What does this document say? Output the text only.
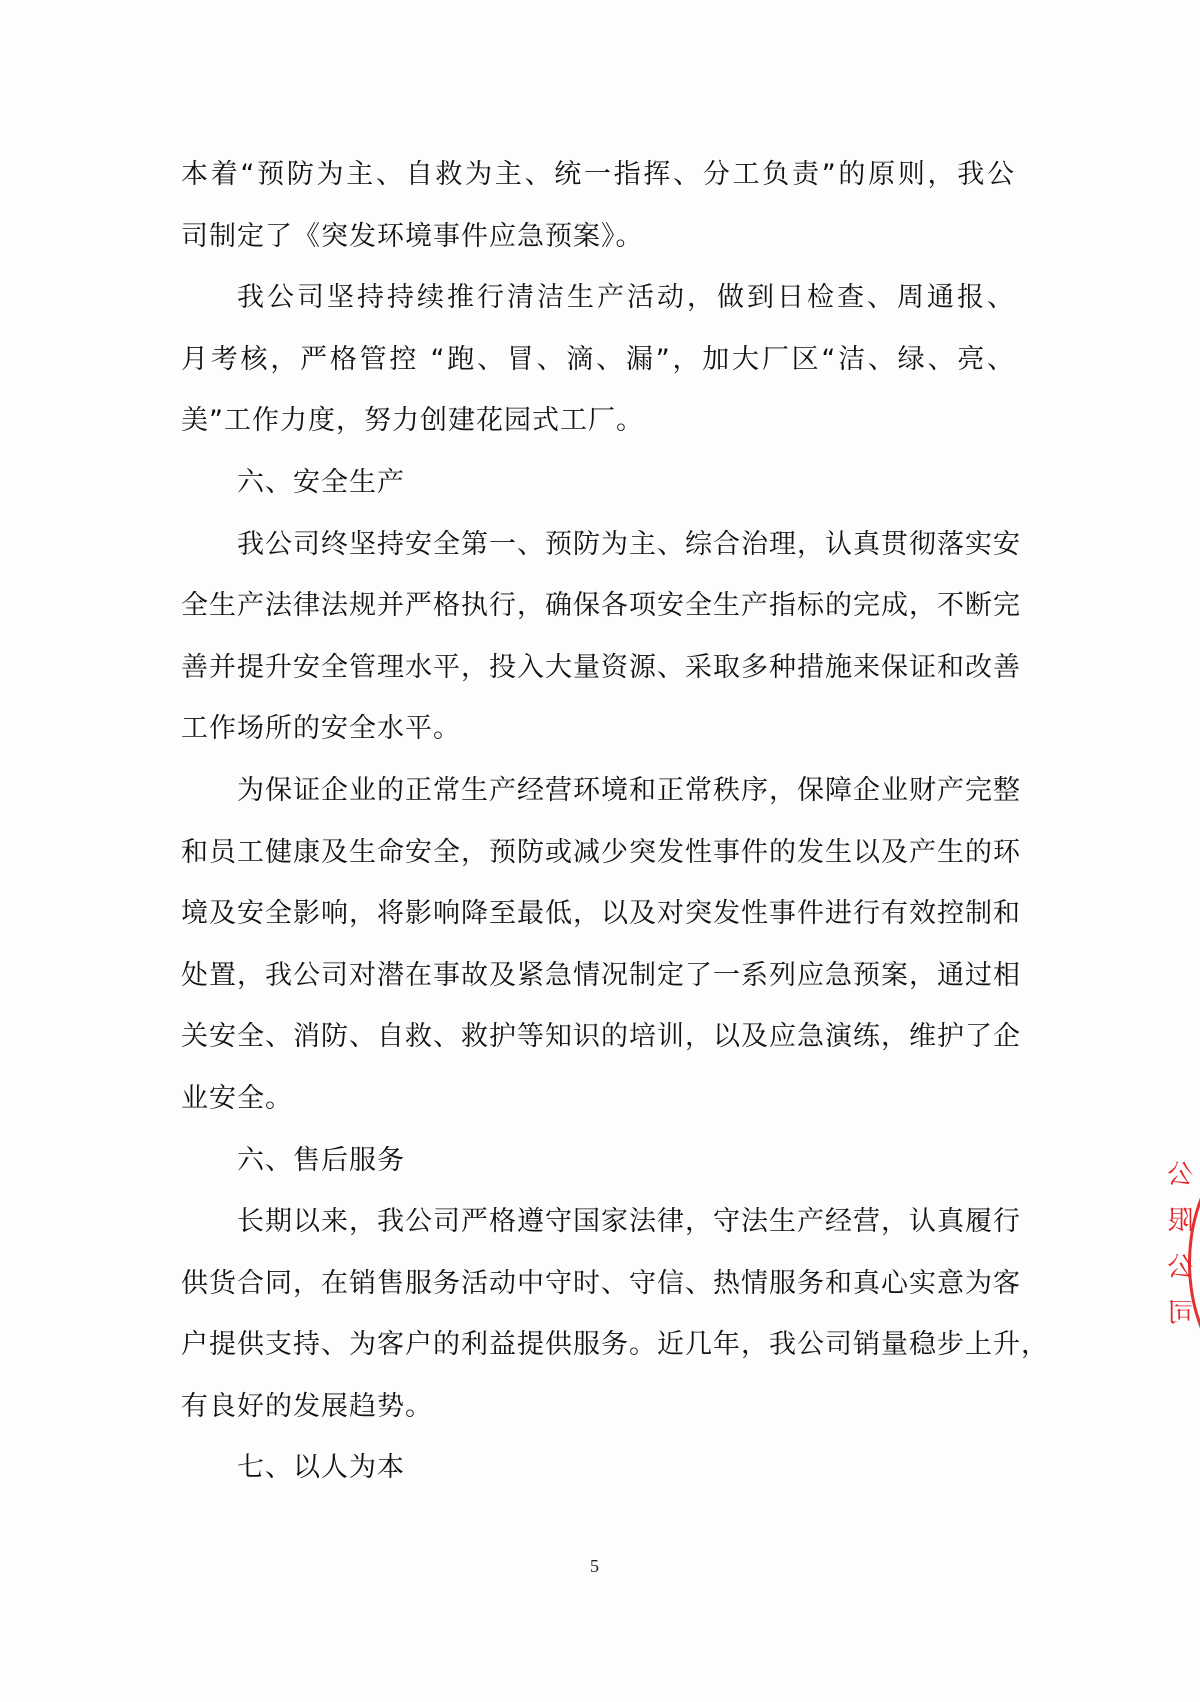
本着“预防为主、自救为主、统一指挥、分工负责”的原则，我公
司制定了《突发环境事件应急预案》。
我公司坚持持续推行清洁生产活动，做到日检查、周通报、
月考核，严格管控 “跑、冒、滴、漏”，加大厂区“洁、绿、亮、
美”工作力度，努力创建花园式工厂。
六、安全生产
我公司终坚持安全第一、预防为主、综合治理，认真贯彻落实安
全生产法律法规并严格执行，确保各项安全生产指标的完成，不断完
善并提升安全管理水平，投入大量资源、采取多种措施来保证和改善
工作场所的安全水平。
为保证企业的正常生产经营环境和正常秩序，保障企业财产完整
和员工健康及生命安全，预防或减少突发性事件的发生以及产生的环
境及安全影响，将影响降至最低，以及对突发性事件进行有效控制和
处置，我公司对潜在事故及紧急情况制定了一系列应急预案，通过相
关安全、消防、自救、救护等知识的培训，以及应急演练，维护了企
业安全。
六、售后服务
长期以来，我公司严格遵守国家法律，守法生产经营，认真履行
供货合同，在销售服务活动中守时、守信、热情服务和真心实意为客
户提供支持、为客户的利益提供服务。近几年，我公司销量稳步上升，
有良好的发展趋势。
七、以人为本
5
公 限 公 司
